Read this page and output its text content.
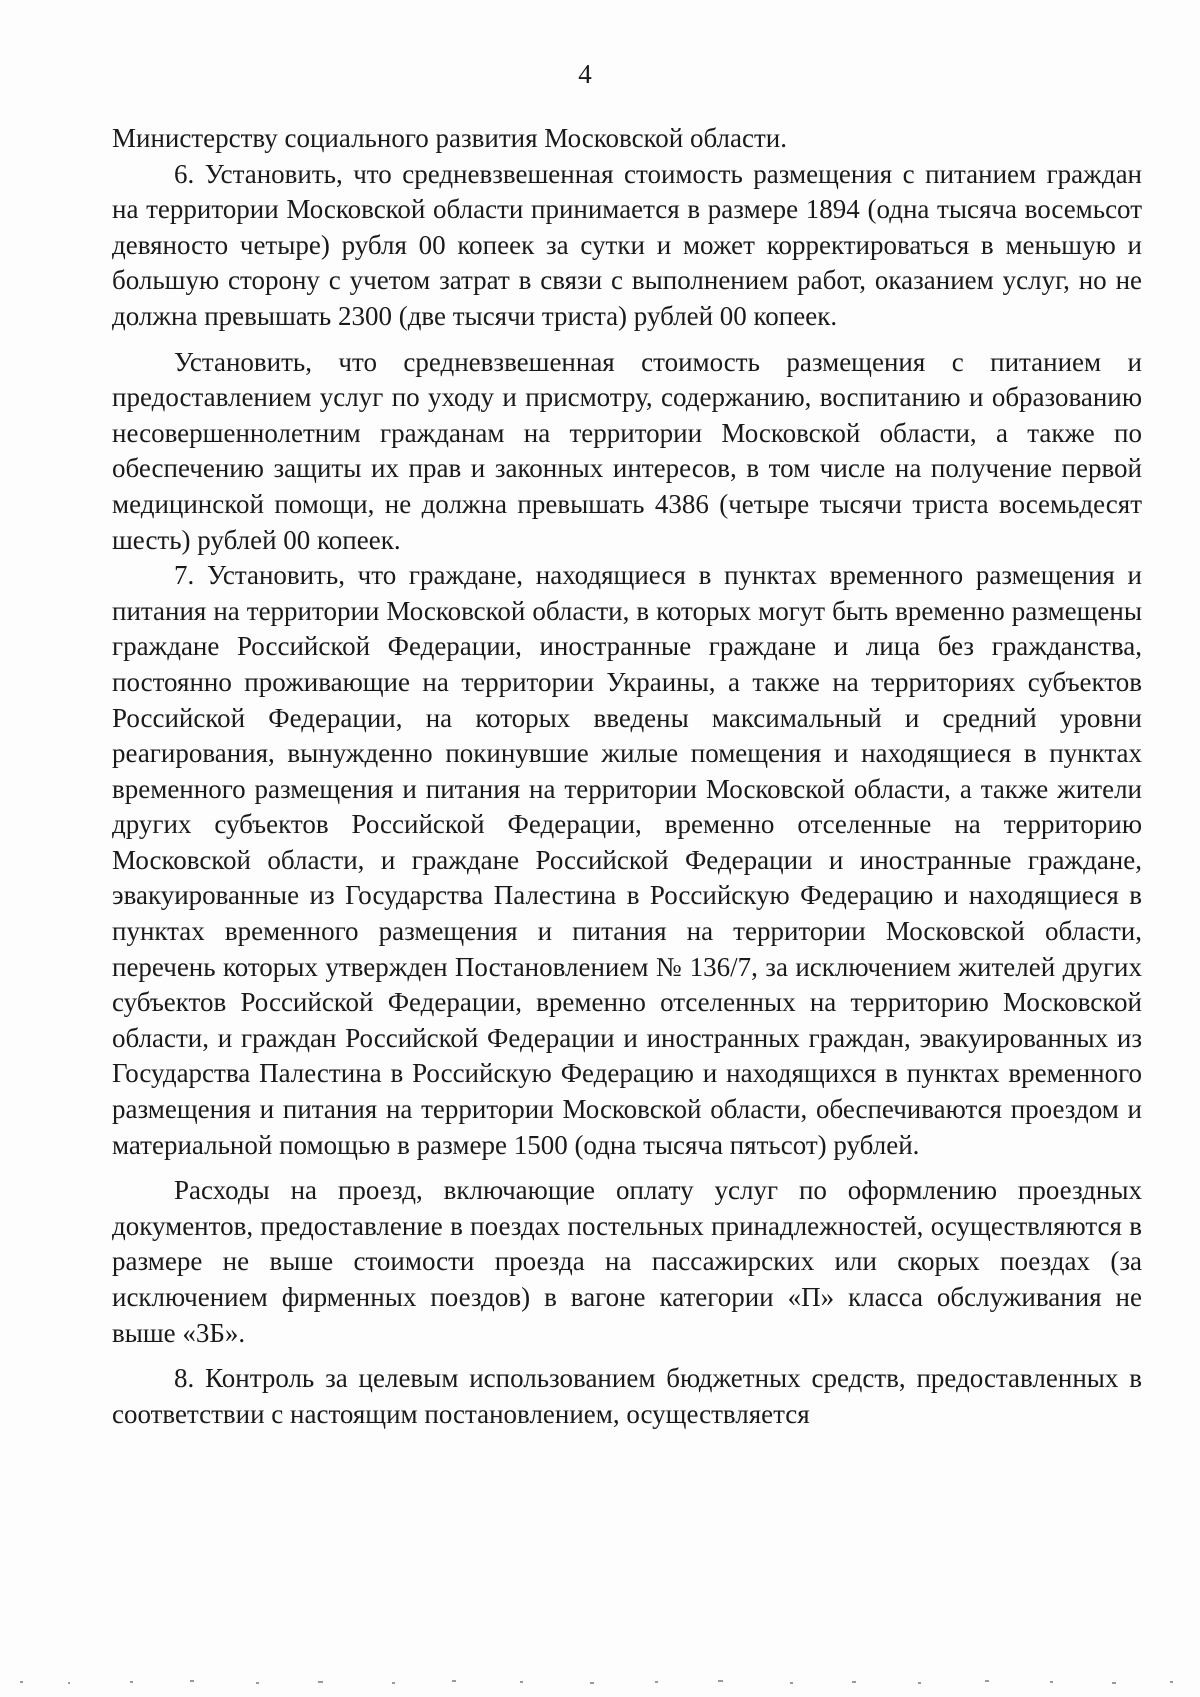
4

Министерству социального развития Московской области.

6. Установить, что средневзвешенная стоимость размещения с питанием граждан на территории Московской области принимается в размере 1894 (одна тысяча восемьсот девяносто четыре) рубля 00 копеек за сутки и может корректироваться в меньшую и большую сторону с учетом затрат в связи с выполнением работ, оказанием услуг, но не должна превышать 2300 (две тысячи триста) рублей 00 копеек.

Установить, что средневзвешенная стоимость размещения с питанием и предоставлением услуг по уходу и присмотру, содержанию, воспитанию и образованию несовершеннолетним гражданам на территории Московской области, а также по обеспечению защиты их прав и законных интересов, в том числе на получение первой медицинской помощи, не должна превышать 4386 (четыре тысячи триста восемьдесят шесть) рублей 00 копеек.

7. Установить, что граждане, находящиеся в пунктах временного размещения и питания на территории Московской области, в которых могут быть временно размещены граждане Российской Федерации, иностранные граждане и лица без гражданства, постоянно проживающие на территории Украины, а также на территориях субъектов Российской Федерации, на которых введены максимальный и средний уровни реагирования, вынужденно покинувшие жилые помещения и находящиеся в пунктах временного размещения и питания на территории Московской области, а также жители других субъектов Российской Федерации, временно отселенные на территорию Московской области, и граждане Российской Федерации и иностранные граждане, эвакуированные из Государства Палестина в Российскую Федерацию и находящиеся в пунктах временного размещения и питания на территории Московской области, перечень которых утвержден Постановлением № 136/7, за исключением жителей других субъектов Российской Федерации, временно отселенных на территорию Московской области, и граждан Российской Федерации и иностранных граждан, эвакуированных из Государства Палестина в Российскую Федерацию и находящихся в пунктах временного размещения и питания на территории Московской области, обеспечиваются проездом и материальной помощью в размере 1500 (одна тысяча пятьсот) рублей.

Расходы на проезд, включающие оплату услуг по оформлению проездных документов, предоставление в поездах постельных принадлежностей, осуществляются в размере не выше стоимости проезда на пассажирских или скорых поездах (за исключением фирменных поездов) в вагоне категории «П» класса обслуживания не выше «3Б».

8. Контроль за целевым использованием бюджетных средств, предоставленных в соответствии с настоящим постановлением, осуществляется
